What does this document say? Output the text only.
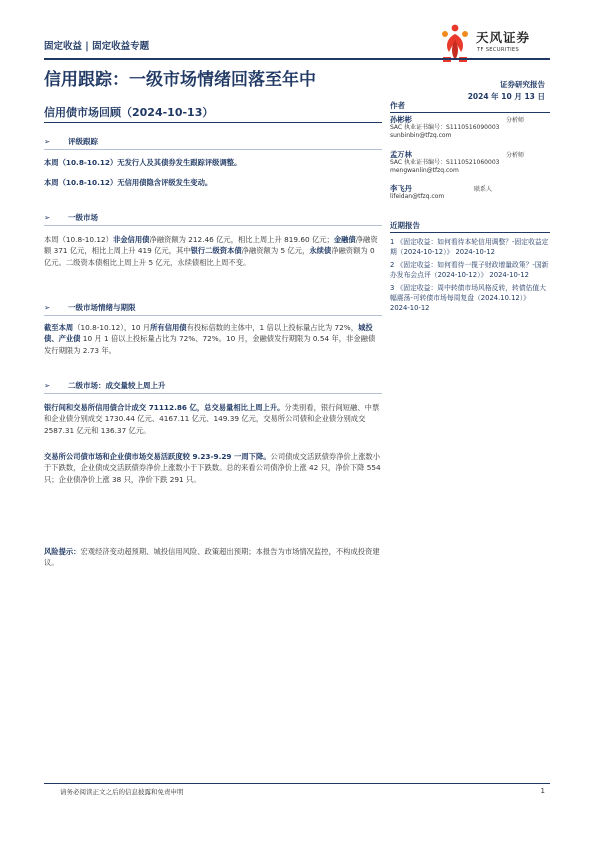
固定收益 | 固定收益专题
天风证券
TF SECURITIES
信用跟踪：一级市场情绪回落至年中
信用债市场回顾（2024-10-13）
证券研究报告
2024 年 10 月 13 日
➢ 评级跟踪
本周（10.8-10.12）无发行人及其债券发生跟踪评级调整。
本周（10.8-10.12）无信用债隐含评级发生变动。
➢ 一级市场
本周（10.8-10.12）非金信用债净融资额为 212.46 亿元，相比上周上升 819.60 亿元；金融债净融资额 371 亿元，相比上周上升 419 亿元，其中银行二级资本债净融资额为 5 亿元，永续债净融资额为 0 亿元。二级资本债相比上周上升 5 亿元，永续债相比上周不变。
➢ 一级市场情绪与期限
截至本周（10.8-10.12），10 月所有信用债有投标倍数的主体中，1 倍以上投标量占比为 72%，城投债、产业债 10 月 1 倍以上投标量占比为 72%、72%。10 月，金融债发行期限为 0.54 年，非金融债发行期限为 2.73 年。
➢ 二级市场：成交量较上周上升
银行间和交易所信用债合计成交 71112.86 亿，总交易量相比上周上升。分类别看，银行间短融、中票和企业债分别成交 1730.44 亿元、4167.11 亿元、149.39 亿元，交易所公司债和企业债分别成交 2587.31 亿元和 136.37 亿元。
交易所公司债市场和企业债市场交易活跃度较 9.23-9.29 一周下降。公司债成交活跃债券净价上涨数小于下跌数，企业债成交活跃债券净价上涨数小于下跌数。总的来看公司债净价上涨 42 只，净价下降 554 只；企业债净价上涨 38 只，净价下跌 291 只。
风险提示：宏观经济变动超预期、城投信用风险、政策超出预期；本报告为市场情况监控，不构成投资建议。
作者
孙彬彬	分析师
SAC 执业证书编号：S1110516090003
sunbinbin@tfzq.com
孟万林	分析师
SAC 执业证书编号：S1110521060003
mengwanlin@tfzq.com
李飞丹	联系人
lifeidan@tfzq.com
近期报告

1 《固定收益：如何看待本轮信用调整？-固定收益定期（2024-10-12）》 2024-10-12

2 《固定收益：如何看待一揽子财政增量政策？-国新办发布会点评（2024-10-12）》 2024-10-12

3 《固定收益：周中转债市场风格反转，转债估值大幅震荡-可转债市场每周复盘（2024.10.12）》 2024-10-12

请务必阅读正文之后的信息披露和免责申明	1
